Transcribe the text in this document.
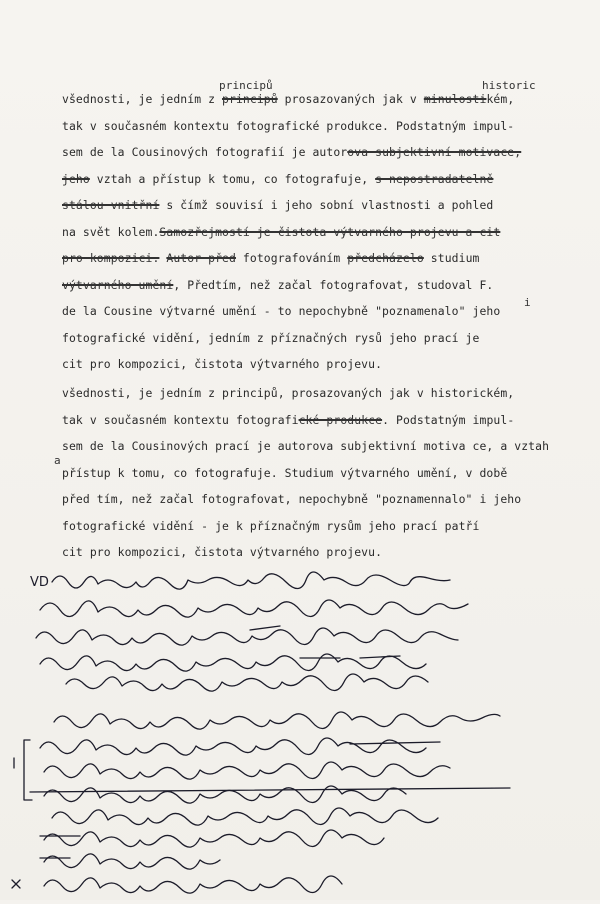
všednosti, je jedním z principů
principů
prosazovaných jak v minulosti
historic
kém,
tak v současném kontextu fotografické produkce. Podstatným impul-
sem de la Cousinových fotografií je autorova subjektivní motivace,
jeho vztah a přístup k tomu, co fotografuje, s nepostradatelně
stálou vnitřní s čímž souvisí i jeho sobní vlastnosti a pohled
na svět kolem.Samozřejmostí je čistota výtvarného projevu a cit
pro kompozici. Autor před fotografováním předcházelo studium
výtvarného umění, Předtím, než začal fotografovat, studoval F.
de la Cousine výtvarné umění - to nepochybně "poznamenalo" jeho
i
fotografické vidění, jedním z příznačných rysů jeho prací je
cit pro kompozici, čistota výtvarného projevu.
všednosti, je jedním z principů, prosazovaných jak v historickém,
tak v současném kontextu fotografické produkce. Podstatným impul-
sem de la Cousinových prací je autorova subjektivní motiva ce, a vztah
přístup k tomu, co fotografuje. Studium výtvarného umění, v době
a
před tím, než začal fotografovat, nepochybně "poznamennalo" i jeho
fotografické vidění - je k příznačným rysům jeho prací patří
cit pro kompozici, čistota výtvarného projevu.
VD
